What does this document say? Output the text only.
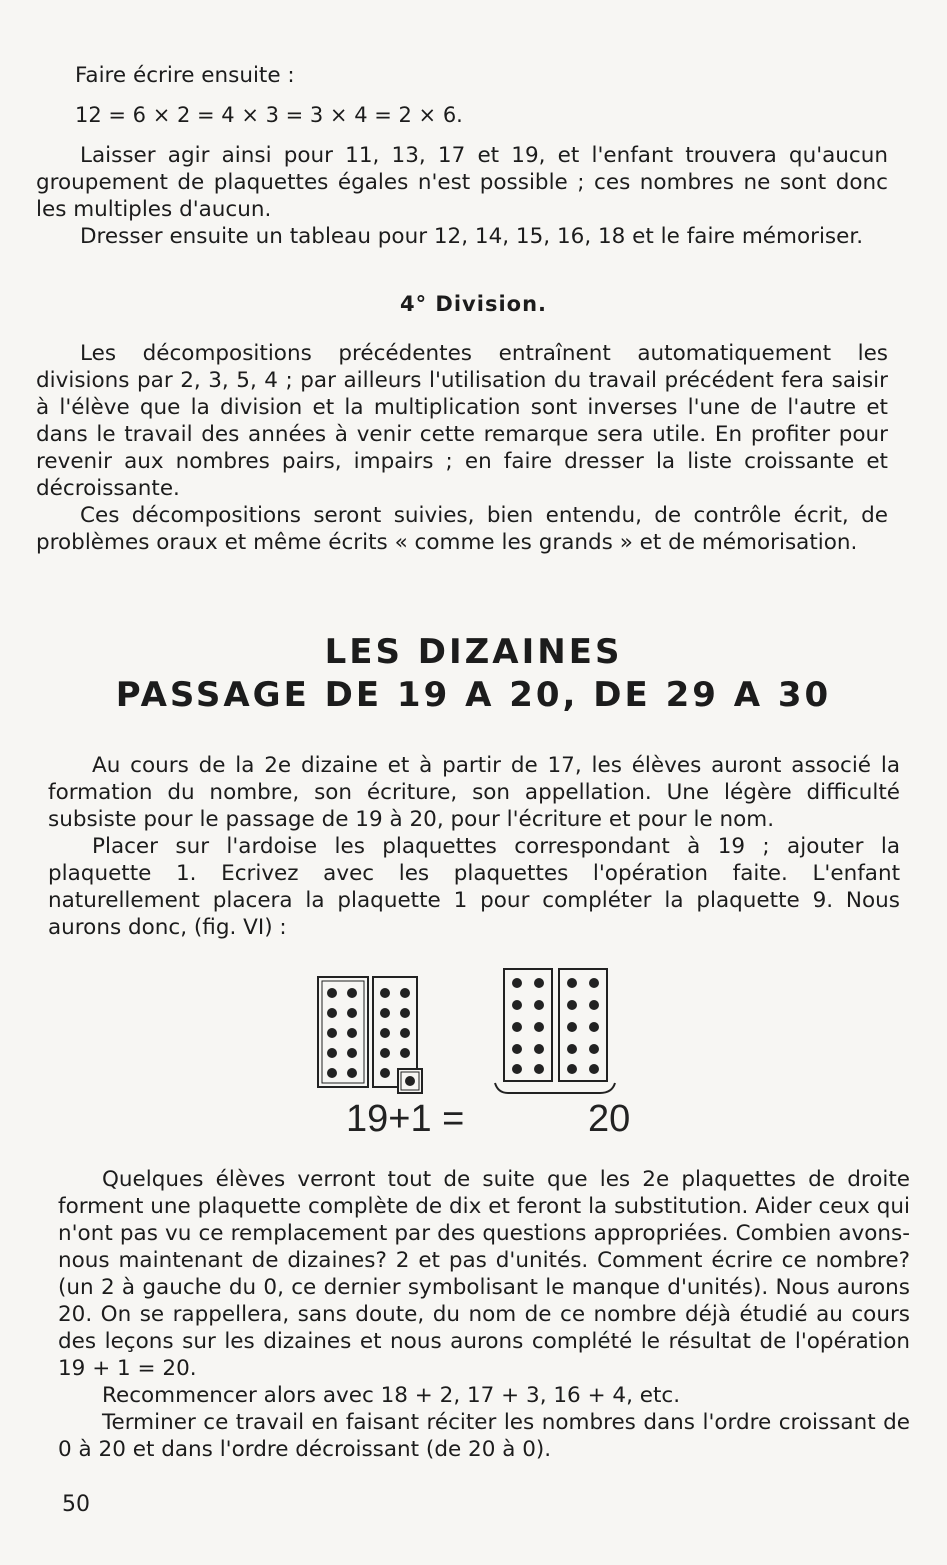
Faire écrire ensuite :
12 = 6 × 2 = 4 × 3 = 3 × 4 = 2 × 6.

Laisser agir ainsi pour 11, 13, 17 et 19, et l'enfant trouvera qu'aucun groupement de plaquettes égales n'est possible ; ces nombres ne sont donc les multiples d'aucun.

Dresser ensuite un tableau pour 12, 14, 15, 16, 18 et le faire mémoriser.

4° Division.

Les décompositions précédentes entraînent automatiquement les divisions par 2, 3, 5, 4 ; par ailleurs l'utilisation du travail précédent fera saisir à l'élève que la division et la multiplication sont inverses l'une de l'autre et dans le travail des années à venir cette remarque sera utile. En profiter pour revenir aux nombres pairs, impairs ; en faire dresser la liste croissante et décroissante.

Ces décompositions seront suivies, bien entendu, de contrôle écrit, de problèmes oraux et même écrits « comme les grands » et de mémorisation.

LES DIZAINES
PASSAGE DE 19 A 20, DE 29 A 30

Au cours de la 2e dizaine et à partir de 17, les élèves auront associé la formation du nombre, son écriture, son appellation. Une légère difficulté subsiste pour le passage de 19 à 20, pour l'écriture et pour le nom.

Placer sur l'ardoise les plaquettes correspondant à 19 ; ajouter la plaquette 1. Ecrivez avec les plaquettes l'opération faite. L'enfant naturellement placera la plaquette 1 pour compléter la plaquette 9. Nous aurons donc, (fig. VI) :

19+1 =	20

Quelques élèves verront tout de suite que les 2e plaquettes de droite forment une plaquette complète de dix et feront la substitution. Aider ceux qui n'ont pas vu ce remplacement par des questions appropriées. Combien avons-nous maintenant de dizaines? 2 et pas d'unités. Comment écrire ce nombre? (un 2 à gauche du 0, ce dernier symbolisant le manque d'unités). Nous aurons 20. On se rappellera, sans doute, du nom de ce nombre déjà étudié au cours des leçons sur les dizaines et nous aurons complété le résultat de l'opération 19 + 1 = 20.

Recommencer alors avec 18 + 2, 17 + 3, 16 + 4, etc.

Terminer ce travail en faisant réciter les nombres dans l'ordre croissant de 0 à 20 et dans l'ordre décroissant (de 20 à 0).

50
